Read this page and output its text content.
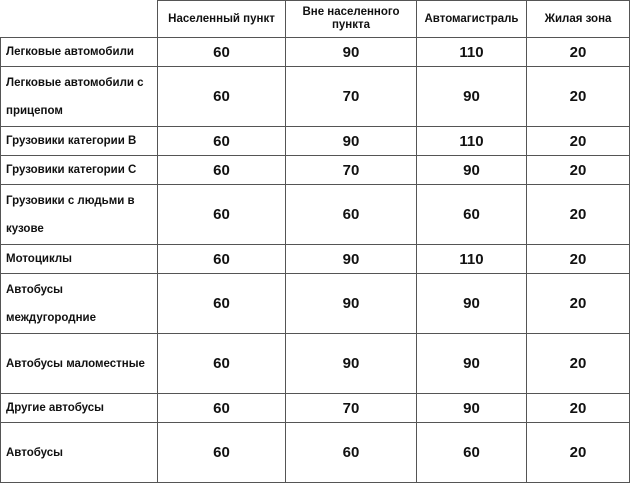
	Населенный пункт	Вне населенного пункта	Автомагистраль	Жилая зона
Легковые автомобили	60	90	110	20
Легковые автомобили с прицепом	60	70	90	20
Грузовики категории В	60	90	110	20
Грузовики категории С	60	70	90	20
Грузовики с людьми в кузове	60	60	60	20
Мотоциклы	60	90	110	20
Автобусы междугородние	60	90	90	20
Автобусы маломестные	60	90	90	20
Другие автобусы	60	70	90	20
Автобусы	60	60	60	20
